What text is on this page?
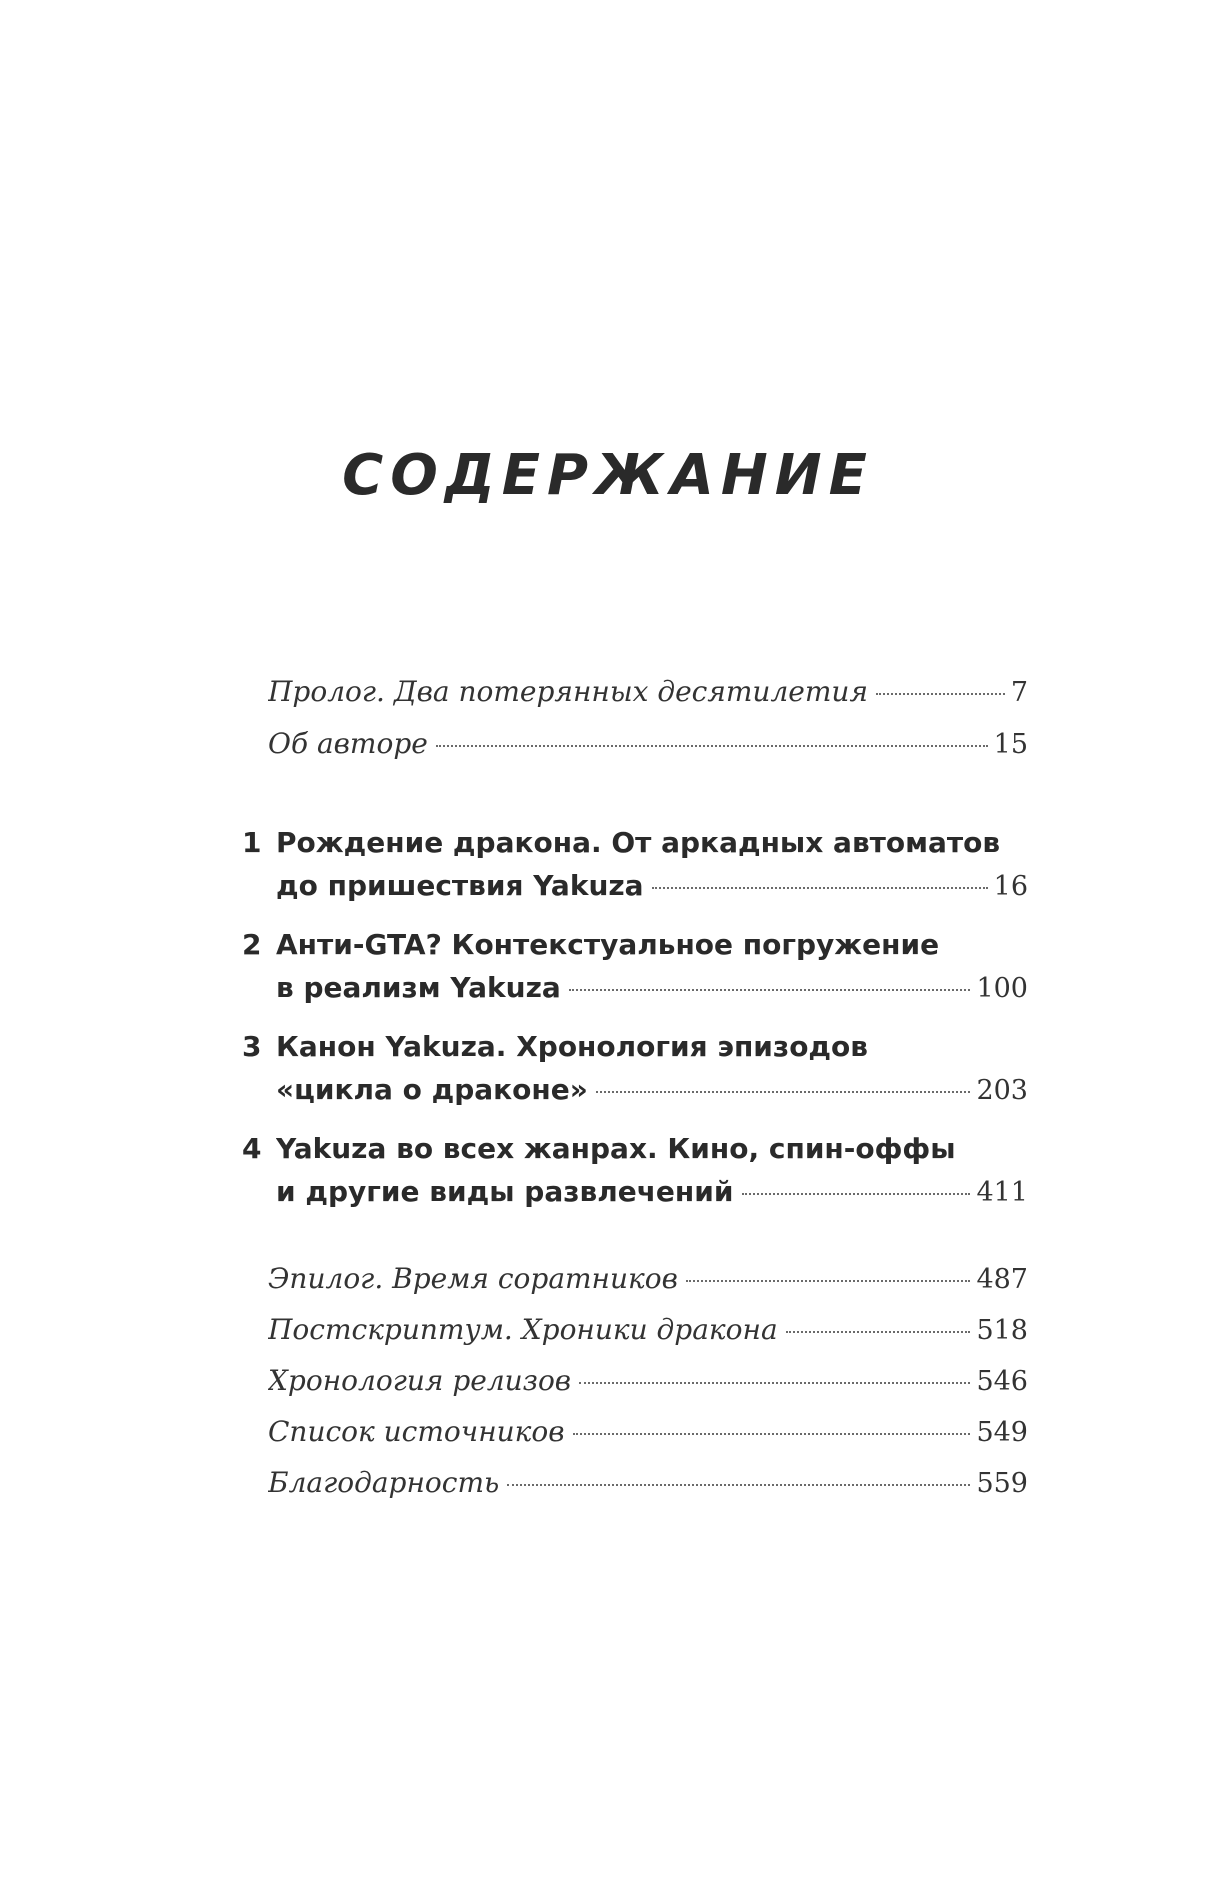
СОДЕРЖАНИЕ
Пролог. Два потерянных десятилетия	7
Об авторе	15
1 Рождение дракона. От аркадных автоматов
до пришествия Yakuza	16
2 Анти-GTA? Контекстуальное погружение
в реализм Yakuza	100
3 Канон Yakuza. Хронология эпизодов
«цикла о драконе»	203
4 Yakuza во всех жанрах. Кино, спин-оффы
и другие виды развлечений	411
Эпилог. Время соратников	487
Постскриптум. Хроники дракона	518
Хронология релизов	546
Список источников	549
Благодарность	559
